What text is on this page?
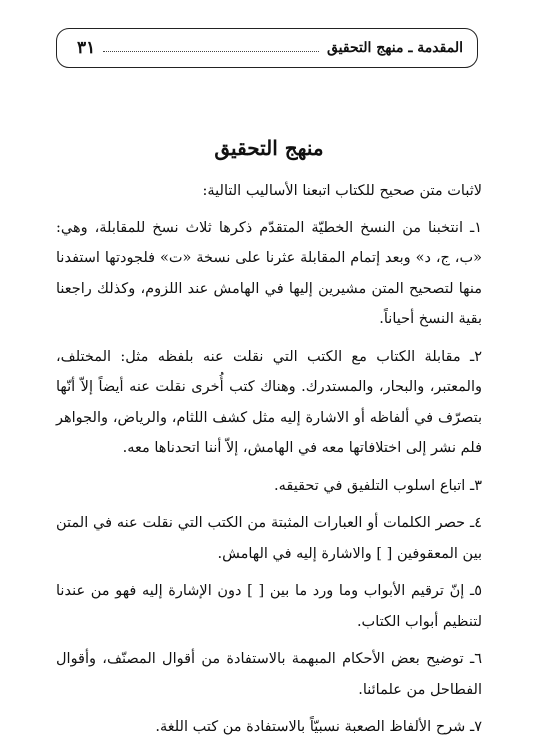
المقدمة ـ منهج التحقيق
٣١
منهج التحقيق

لاثبات متن صحيح للكتاب اتبعنا الأساليب التالية:

١ـ انتخبنا من النسخ الخطيّة المتقدّم ذكرها ثلاث نسخ للمقابلة، وهي: «ب، ج، د» وبعد إتمام المقابلة عثرنا على نسخة «ت» فلجودتها استفدنا منها لتصحيح المتن مشيرين إليها في الهامش عند اللزوم، وكذلك راجعنا بقية النسخ أحياناً.

٢ـ مقابلة الكتاب مع الكتب التي نقلت عنه بلفظه مثل: المختلف، والمعتبر، والبحار، والمستدرك. وهناك كتب أُخرى نقلت عنه أيضاً إلاّ أنّها بتصرّف في ألفاظه أو الاشارة إليه مثل كشف اللثام، والرياض، والجواهر فلم نشر إلى اختلافاتها معه في الهامش، إلاّ أننا اتحدناها معه.

٣ـ اتباع اسلوب التلفيق في تحقيقه.

٤ـ حصر الكلمات أو العبارات المثبتة من الكتب التي نقلت عنه في المتن بين المعقوفين [ ] والاشارة إليه في الهامش.

٥ـ إنّ ترقيم الأبواب وما ورد ما بين [ ] دون الإشارة إليه فهو من عندنا لتنظيم أبواب الكتاب.

٦ـ توضيح بعض الأحكام المبهمة بالاستفادة من أقوال المصنّف، وأقوال الفطاحل من علمائنا.

٧ـ شرح الألفاظ الصعبة نسبيّاً بالاستفادة من كتب اللغة.
